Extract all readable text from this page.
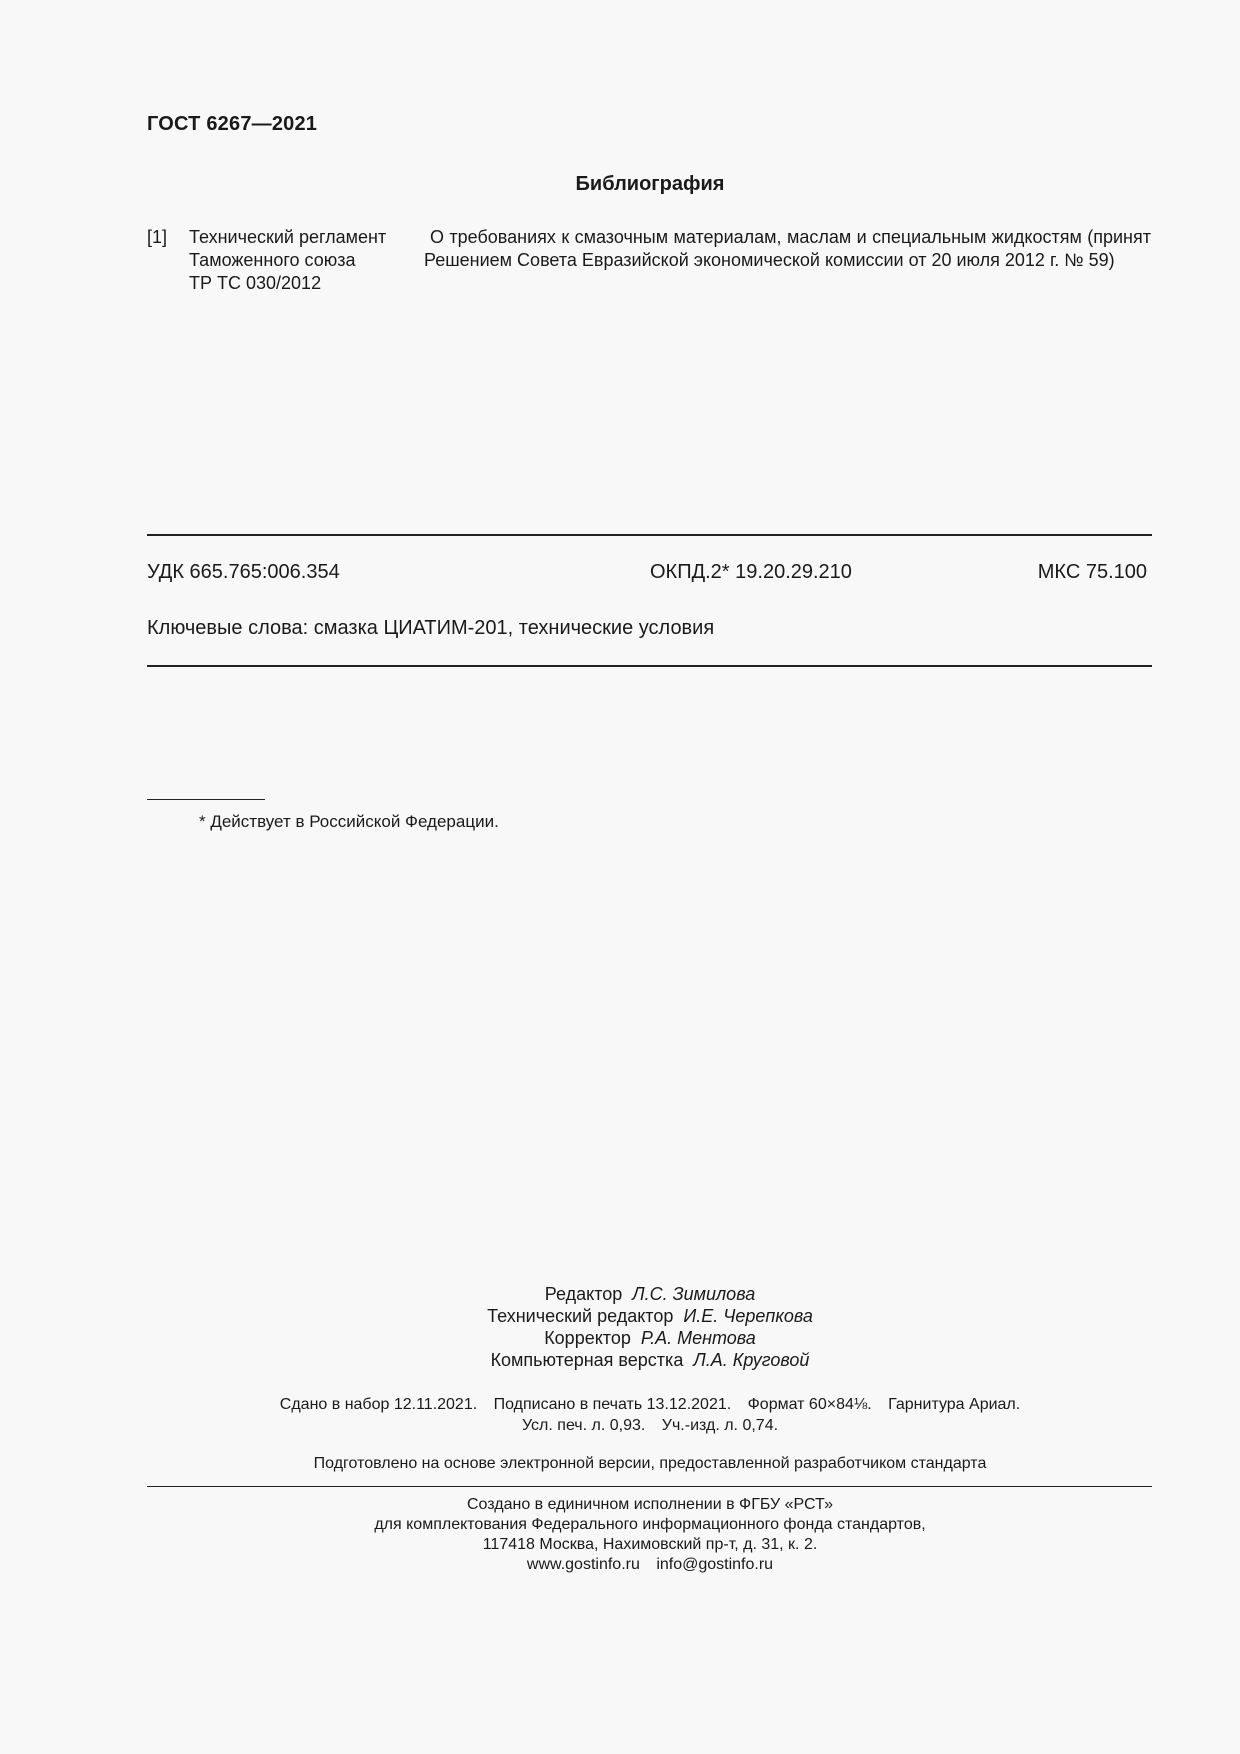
ГОСТ 6267—2021
Библиография
[1] Технический регламент
Таможенного союза
ТР ТС 030/2012
О требованиях к смазочным материалам, маслам и специальным жидкостям (принят Решением Совета Евразийской экономической комиссии от 20 июля 2012 г. № 59)
УДК 665.765:006.354	ОКПД.2* 19.20.29.210	МКС 75.100
Ключевые слова: смазка ЦИАТИМ-201, технические условия
* Действует в Российской Федерации.
Редактор Л.С. Зимилова
Технический редактор И.Е. Черепкова
Корректор Р.А. Ментова
Компьютерная верстка Л.А. Круговой
Сдано в набор 12.11.2021. Подписано в печать 13.12.2021. Формат 60×84⅛. Гарнитура Ариал.
Усл. печ. л. 0,93. Уч.-изд. л. 0,74.
Подготовлено на основе электронной версии, предоставленной разработчиком стандарта
Создано в единичном исполнении в ФГБУ «РСТ»
для комплектования Федерального информационного фонда стандартов,
117418 Москва, Нахимовский пр-т, д. 31, к. 2.
www.gostinfo.ru info@gostinfo.ru
